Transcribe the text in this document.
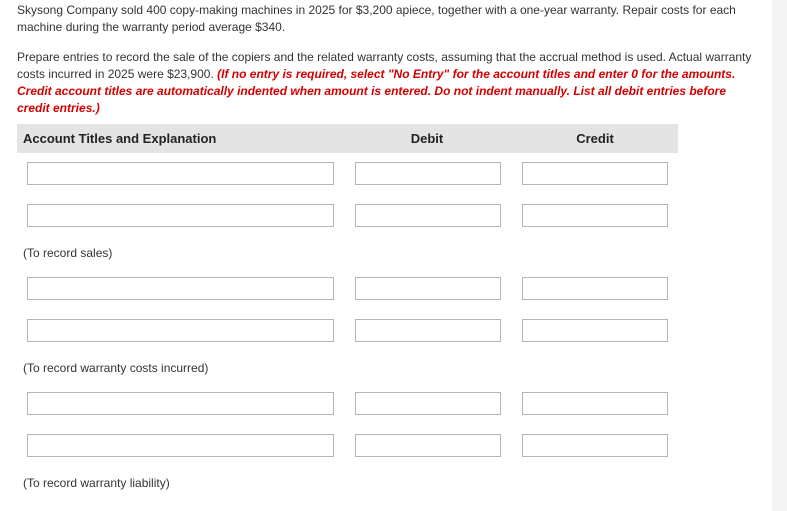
Skysong Company sold 400 copy-making machines in 2025 for $3,200 apiece, together with a one-year warranty. Repair costs for each machine during the warranty period average $340.

Prepare entries to record the sale of the copiers and the related warranty costs, assuming that the accrual method is used. Actual warranty costs incurred in 2025 were $23,900. (If no entry is required, select "No Entry" for the account titles and enter 0 for the amounts. Credit account titles are automatically indented when amount is entered. Do not indent manually. List all debit entries before credit entries.)

Account Titles and Explanation	Debit	Credit
(To record sales)
(To record warranty costs incurred)
(To record warranty liability)
